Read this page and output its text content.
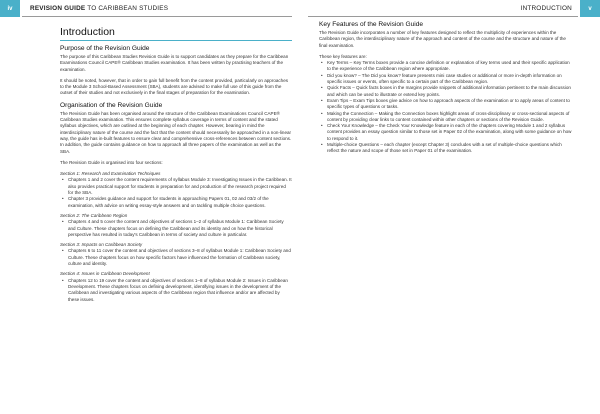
iv	REVISION GUIDE TO CARIBBEAN STUDIES	INTRODUCTION	v
Introduction
Purpose of the Revision Guide

The purpose of this Caribbean Studies Revision Guide is to support candidates as they prepare for the Caribbean Examinations Council CAPE® Caribbean Studies examination. It has been written by practising teachers of the examination.

It should be noted, however, that in order to gain full benefit from the content provided, particularly on approaches to the Module 3 School-Based Assessment (SBA), students are advised to make full use of this guide from the outset of their studies and not exclusively in the final stages of preparation for the examination.

Organisation of the Revision Guide

The Revision Guide has been organised around the structure of the Caribbean Examinations Council CAPE® Caribbean Studies examination. This ensures complete syllabus coverage in terms of content and the stated syllabus objectives, which are outlined at the beginning of each chapter. However, bearing in mind the interdisciplinary nature of the course and the fact that the content should necessarily be approached in a non-linear way, the guide has in-built features to ensure clear and comprehensive cross-references between content sections. In addition, the guide contains guidance on how to approach all three papers of the examination as well as the SBA.

The Revision Guide is organised into four sections:

Section 1: Research and Examination Techniques
• Chapters 1 and 2 cover the content requirements of syllabus Module 3: Investigating Issues in the Caribbean. It also provides practical support for students in preparation for and production of the research project required for the SBA.
• Chapter 3 provides guidance and support for students in approaching Papers 01, 02 and 03/2 of the examination, with advice on writing essay-style answers and on tackling multiple choice questions.
Section 2: The Caribbean Region
• Chapters 4 and 5 cover the content and objectives of sections 1–2 of syllabus Module 1: Caribbean Society and Culture. These chapters focus on defining the Caribbean and its identity and on how the historical perspective has resulted in today's Caribbean in terms of society and culture in particular.
Section 3: Impacts on Caribbean Society
• Chapters 6 to 11 cover the content and objectives of sections 3–8 of syllabus Module 1: Caribbean Society and Culture. These chapters focus on how specific factors have influenced the formation of Caribbean society, culture and identity.
Section 4: Issues in Caribbean Development
• Chapters 12 to 19 cover the content and objectives of sections 1–8 of syllabus Module 2: Issues in Caribbean Development. These chapters focus on defining development, identifying issues in the development of the Caribbean and investigating various aspects of the Caribbean region that influence and/or are affected by these issues.
Key Features of the Revision Guide

The Revision Guide incorporates a number of key features designed to reflect the multiplicity of experiences within the Caribbean region, the interdisciplinary nature of the approach and content of the course and the structure and nature of the final examination.

These key features are:

• Key Terms – Key Terms boxes provide a concise definition or explanation of key terms used and their specific application to the experience of the Caribbean region where appropriate.
• Did you know? – The Did you know? feature presents mini case studies or additional or more in-depth information on specific issues or events, often specific to a certain part of the Caribbean region.
• Quick Facts – Quick facts boxes in the margins provide snippets of additional information pertinent to the main discussion and which can be used to illustrate or extend key points.
• Exam Tips – Exam Tips boxes give advice on how to approach aspects of the examination or to apply areas of content to specific types of questions or tasks.
• Making the Connection – Making the Connection boxes highlight areas of cross-disciplinary or cross-sectional aspects of content by providing clear links to content contained within other chapters or sections of the Revision Guide.
• Check Your Knowledge – the Check Your Knowledge feature in each of the chapters covering Module 1 and 2 syllabus content provides an essay question similar to those set in Paper 02 of the examination, along with some guidance on how to respond to it.
• Multiple-choice Questions – each chapter (except Chapter 3) concludes with a set of multiple-choice questions which reflect the nature and scope of those set in Paper 01 of the examination.
